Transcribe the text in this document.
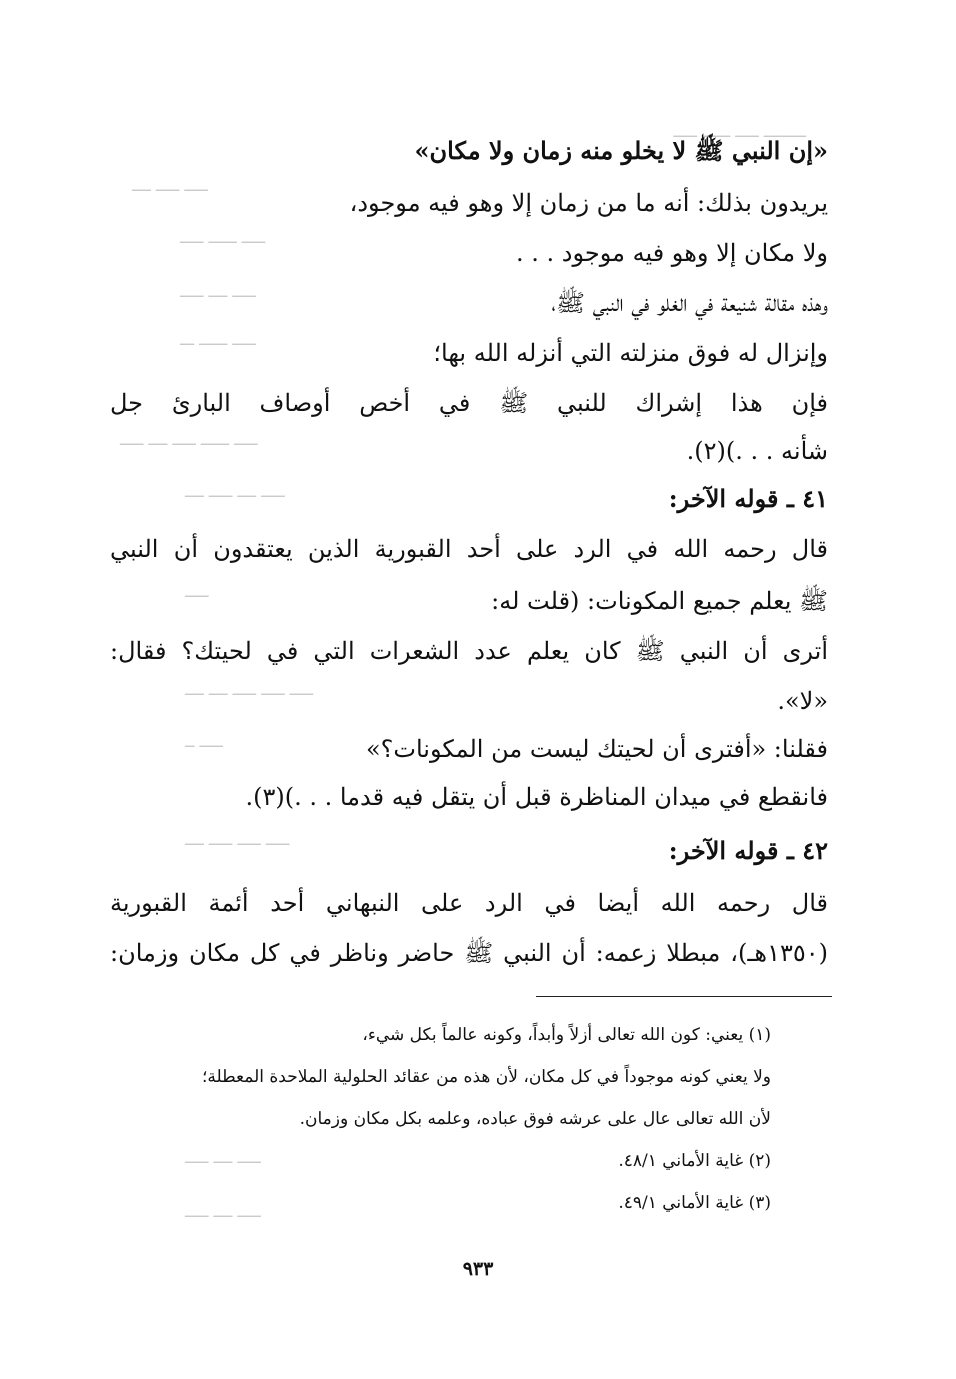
ـــــــــ ـــــ ــــــ ـــــ
ـــــ ـــــ ــــ
ـــــ ــــــ ـــــ
ـــــ ــــ ـــــ
ـــــ ــــــ ـــ
ـــــ ــــــ ـــــ ــــ ـــــ
ـــــ ــــ ـــــ ــــ
ـــــ
ـــــ ـــــ ـــــ ــــ ــــ
ـــــ ــ
ـــــ ـــــ ـــــ ــــ
ـــــ ــــ ـــــ
ـــــ ــــ ـــــ
«إن النبي ﷺ لا يخلو منه زمان ولا مكان»
يريدون بذلك: أنه ما من زمان إلا وهو فيه موجود،
ولا مكان إلا وهو فيه موجود . . .
وهذه مقالة شنيعة في الغلو في النبي ﷺ،
وإنزال له فوق منزلته التي أنزله الله بها؛
فإن هذا إشراك للنبي ﷺ في أخص أوصاف البارئ جل
شأنه . . .)(٢).
٤١ ـ قوله الآخر:
قال رحمه الله في الرد على أحد القبورية الذين يعتقدون أن النبي
ﷺ يعلم جميع المكونات: (قلت له:
أترى أن النبي ﷺ كان يعلم عدد الشعرات التي في لحيتك؟ فقال:
«لا».
فقلنا: «أفترى أن لحيتك ليست من المكونات؟»
فانقطع في ميدان المناظرة قبل أن يتقل فيه قدما . . .)(٣).
٤٢ ـ قوله الآخر:
قال رحمه الله أيضا في الرد على النبهاني أحد أئمة القبورية
(١٣٥٠هـ)، مبطلا زعمه: أن النبي ﷺ حاضر وناظر في كل مكان وزمان:
(١) يعني: كون الله تعالى أزلاً وأبداً، وكونه عالماً بكل شيء،
ولا يعني كونه موجوداً في كل مكان، لأن هذه من عقائد الحلولية الملاحدة المعطلة؛
لأن الله تعالى عال على عرشه فوق عباده، وعلمه بكل مكان وزمان.
(٢) غاية الأماني ٤٨/١.
(٣) غاية الأماني ٤٩/١.
٩٣٣
